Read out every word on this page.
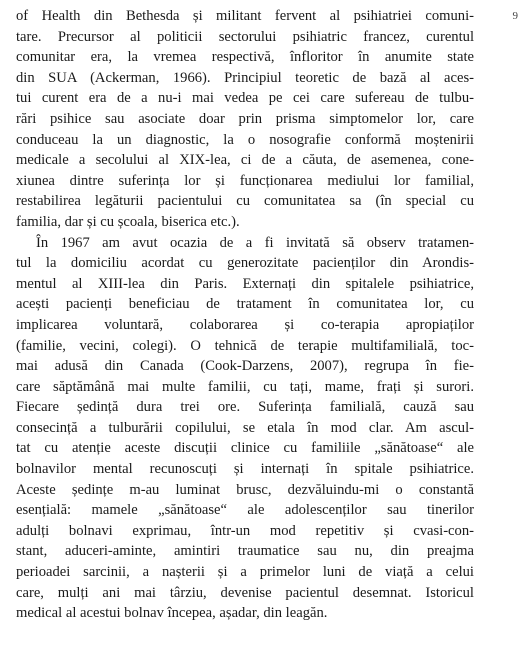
9
of Health din Bethesda și militant fervent al psihiatriei comuni-
tare. Precursor al politicii sectorului psihiatric francez, curentul
comunitar era, la vremea respectivă, înfloritor în anumite state
din SUA (Ackerman, 1966). Principiul teoretic de bază al aces-
tui curent era de a nu-i mai vedea pe cei care sufereau de tulbu-
rări psihice sau asociate doar prin prisma simptomelor lor, care
conduceau la un diagnostic, la o nosografie conformă moștenirii
medicale a secolului al XIX-lea, ci de a căuta, de asemenea, cone-
xiunea dintre suferința lor și funcționarea mediului lor familial,
restabilirea legăturii pacientului cu comunitatea sa (în special cu
familia, dar și cu școala, biserica etc.).
În 1967 am avut ocazia de a fi invitată să observ tratamen-
tul la domiciliu acordat cu generozitate pacienților din Arondis-
mentul al XIII-lea din Paris. Externați din spitalele psihiatrice,
acești pacienți beneficiau de tratament în comunitatea lor, cu
implicarea voluntară, colaborarea și co-terapia apropiaților
(familie, vecini, colegi). O tehnică de terapie multifamilială, toc-
mai adusă din Canada (Cook-Darzens, 2007), regrupa în fie-
care săptămână mai multe familii, cu tați, mame, frați și surori.
Fiecare ședință dura trei ore. Suferința familială, cauză sau
consecință a tulburării copilului, se etala în mod clar. Am ascul-
tat cu atenție aceste discuții clinice cu familiile „sănătoase“ ale
bolnavilor mental recunoscuți și internați în spitale psihiatrice.
Aceste ședințe m-au luminat brusc, dezvăluindu-mi o constantă
esențială: mamele „sănătoase“ ale adolescenților sau tinerilor
adulți bolnavi exprimau, într-un mod repetitiv și cvasi-con-
stant, aduceri-aminte, amintiri traumatice sau nu, din preajma
perioadei sarcinii, a nașterii și a primelor luni de viață a celui
care, mulți ani mai târziu, devenise pacientul desemnat. Istoricul
medical al acestui bolnav începea, așadar, din leagăn.
